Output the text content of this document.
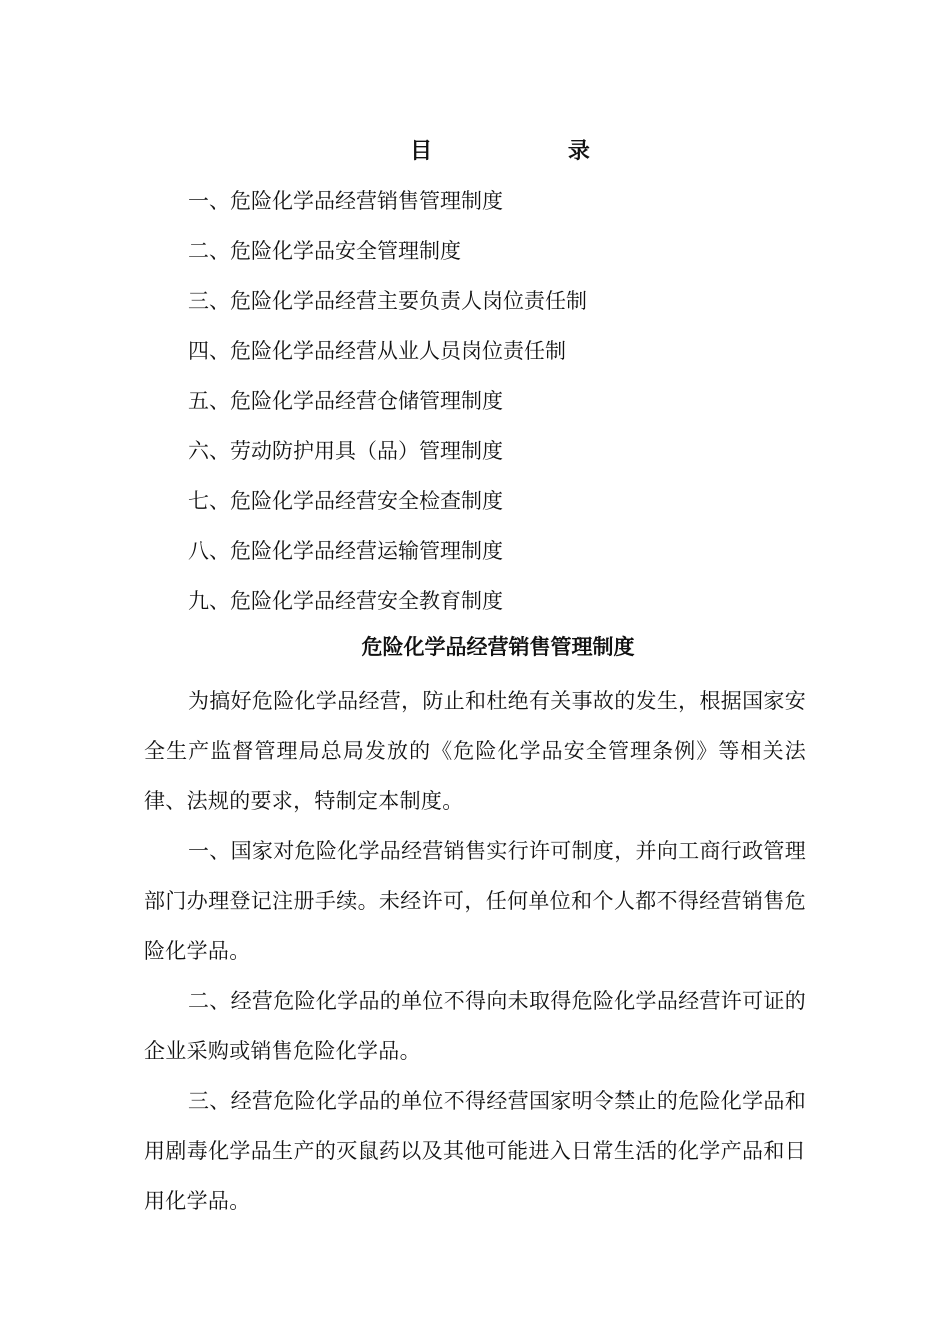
目 录
一、危险化学品经营销售管理制度
二、危险化学品安全管理制度
三、危险化学品经营主要负责人岗位责任制
四、危险化学品经营从业人员岗位责任制
五、危险化学品经营仓储管理制度
六、劳动防护用具（品）管理制度
七、危险化学品经营安全检查制度
八、危险化学品经营运输管理制度
九、危险化学品经营安全教育制度
危险化学品经营销售管理制度

为搞好危险化学品经营，防止和杜绝有关事故的发生，根据国家安全生产监督管理局总局发放的《危险化学品安全管理条例》等相关法律、法规的要求，特制定本制度。

一、国家对危险化学品经营销售实行许可制度，并向工商行政管理部门办理登记注册手续。未经许可，任何单位和个人都不得经营销售危险化学品。

二、经营危险化学品的单位不得向未取得危险化学品经营许可证的企业采购或销售危险化学品。

三、经营危险化学品的单位不得经营国家明令禁止的危险化学品和用剧毒化学品生产的灭鼠药以及其他可能进入日常生活的化学产品和日用化学品。
